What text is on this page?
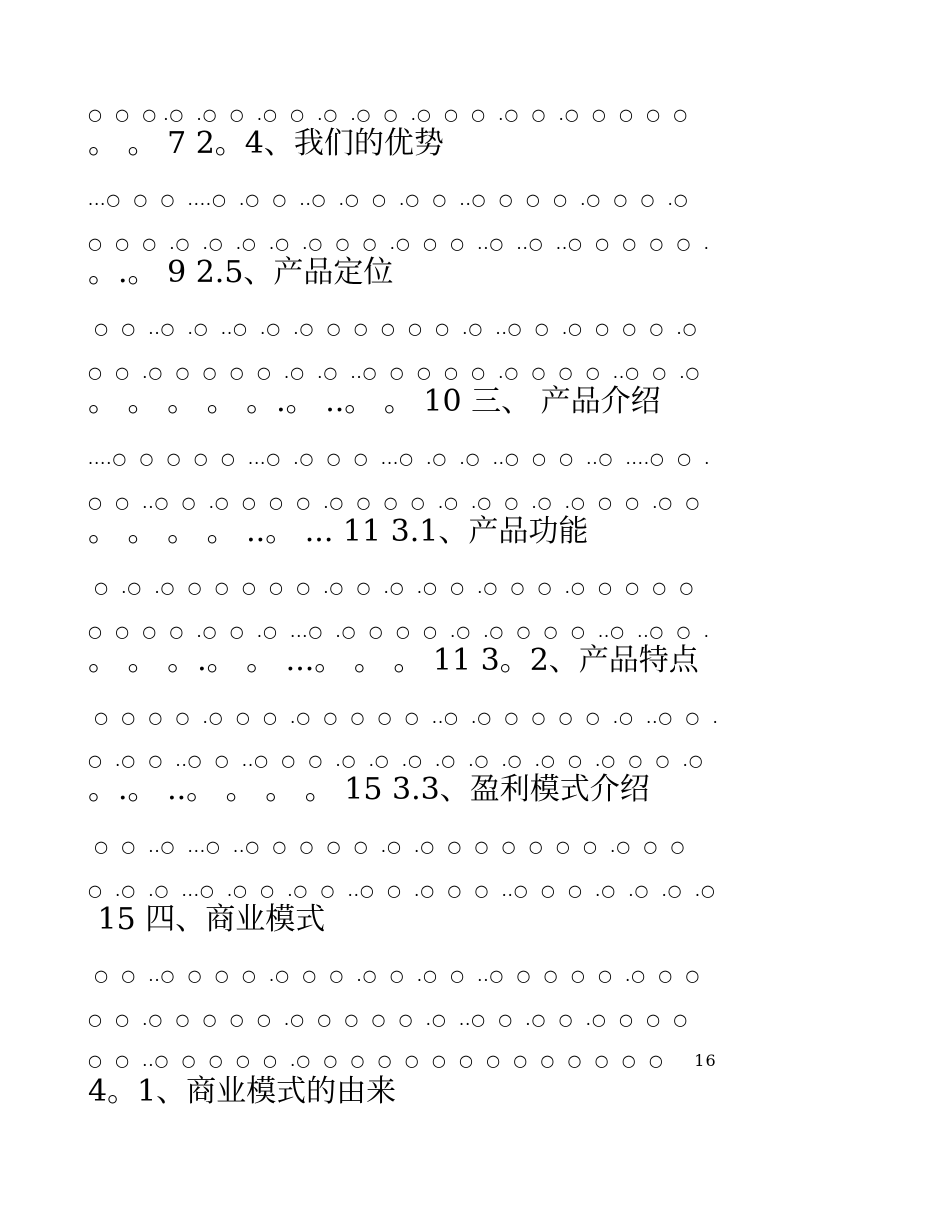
○  ○  ○ .○  .○  ○  .○  ○  .○  .○  ○  .○  ○  ○  .○  ○  .○  ○  ○  ○  ○
。 。 7 2。4、我们的优势
...○  ○  ○  ....○  .○  ○  ..○  .○  ○  .○  ○  ..○  ○  ○  ○  .○  ○  ○  .○
○  ○  ○  .○  .○  .○  .○  .○  ○  ○  .○  ○  ○  ..○  ..○  ..○  ○  ○  ○  ○  .
。.。 9 2.5、产品定位
○  ○  ..○  .○  ..○  .○  .○  ○  ○  ○  ○  ○  .○  ..○  ○  .○  ○  ○  ○  .○
○  ○  .○  ○  ○  ○  ○  .○  .○  ..○  ○  ○  ○  ○  .○  ○  ○  ○  ..○  ○  .○
。 。 。 。 。.。 ..。 。 10 三、 产品介绍
....○  ○  ○  ○  ○  ...○  .○  ○  ○  ...○  .○  .○  ..○  ○  ○  ..○  ....○  ○  .
○  ○  ..○  ○  .○  ○  ○  ○  .○  ○  ○  ○  .○  .○  ○  .○  .○  ○  ○  .○  ○
。 。 。 。 ..。 ... 11 3.1、产品功能
○  .○  .○  ○  ○  ○  ○  ○  .○  ○  .○  .○  ○  .○  ○  ○  .○  ○  ○  ○  ○
○  ○  ○  ○  .○  ○  .○  ...○  .○  ○  ○  ○  .○  .○  ○  ○  ○  ..○  ..○  ○  .
。 。 。.。 。 ...。 。 。 11 3。2、产品特点
○  ○  ○  ○  .○  ○  ○  .○  ○  ○  ○  ○  ..○  .○  ○  ○  ○  ○  .○  ..○  ○  .
○  .○  ○  ..○  ○  ..○  ○  ○  .○  .○  .○  .○  .○  .○  .○  ○  .○  ○  ○  .○
。.。 ..。 。 。 。 15 3.3、盈利模式介绍
○  ○  ..○  ...○  ..○  ○  ○  ○  ○  .○  .○  ○  ○  ○  ○  ○  ○  .○  ○  ○
○  .○  .○  ...○  .○  ○  .○  ○  ..○  ○  .○  ○  ○  ..○  ○  ○  .○  .○  .○  .○
15 四、商业模式
○  ○  ..○  ○  ○  ○  .○  ○  ○  .○  ○  .○  ○  ..○  ○  ○  ○  ○  .○  ○  ○
○  ○  .○  ○  ○  ○  ○  .○  ○  ○  ○  ○  .○  ..○  ○  .○  ○  .○  ○  ○  ○
○  ○  ..○  ○  ○  ○  ○  .○  ○  ○  ○  ○  ○  ○  ○  ○  ○  ○  ○  ○  ○     16
4。1、商业模式的由来
